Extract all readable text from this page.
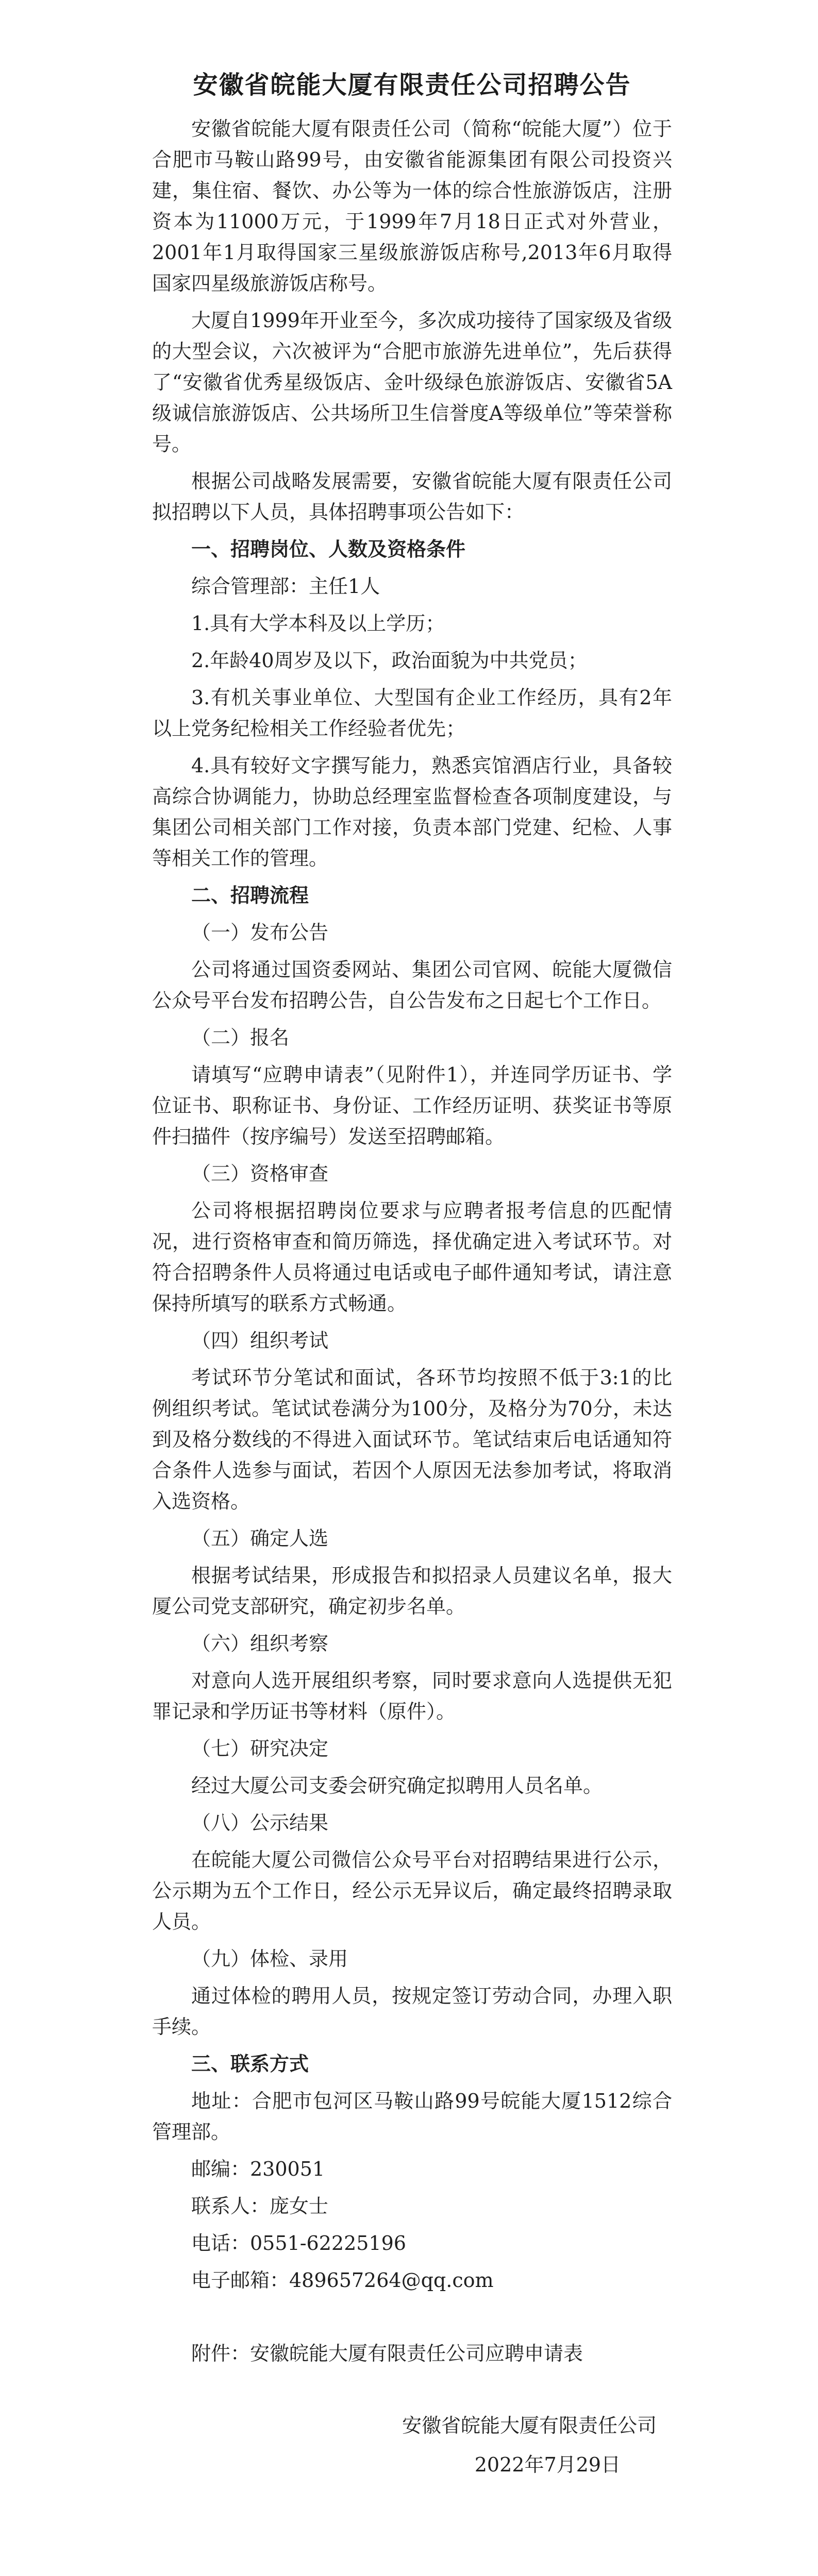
安徽省皖能大厦有限责任公司招聘公告

安徽省皖能大厦有限责任公司（简称“皖能大厦”）位于合肥市马鞍山路99号，由安徽省能源集团有限公司投资兴建，集住宿、餐饮、办公等为一体的综合性旅游饭店，注册资本为11000万元，于1999年7月18日正式对外营业，2001年1月取得国家三星级旅游饭店称号,2013年6月取得国家四星级旅游饭店称号。

大厦自1999年开业至今，多次成功接待了国家级及省级的大型会议，六次被评为“合肥市旅游先进单位”，先后获得了“安徽省优秀星级饭店、金叶级绿色旅游饭店、安徽省5A级诚信旅游饭店、公共场所卫生信誉度A等级单位”等荣誉称号。

根据公司战略发展需要，安徽省皖能大厦有限责任公司拟招聘以下人员，具体招聘事项公告如下：

一、招聘岗位、人数及资格条件

综合管理部：主任1人

1.具有大学本科及以上学历；

2.年龄40周岁及以下，政治面貌为中共党员；

3.有机关事业单位、大型国有企业工作经历，具有2年以上党务纪检相关工作经验者优先；

4.具有较好文字撰写能力，熟悉宾馆酒店行业，具备较高综合协调能力，协助总经理室监督检查各项制度建设，与集团公司相关部门工作对接，负责本部门党建、纪检、人事等相关工作的管理。

二、招聘流程

（一）发布公告

公司将通过国资委网站、集团公司官网、皖能大厦微信公众号平台发布招聘公告，自公告发布之日起七个工作日。

（二）报名

请填写“应聘申请表”（见附件1），并连同学历证书、学位证书、职称证书、身份证、工作经历证明、获奖证书等原件扫描件（按序编号）发送至招聘邮箱。

（三）资格审查

公司将根据招聘岗位要求与应聘者报考信息的匹配情况，进行资格审查和简历筛选，择优确定进入考试环节。对符合招聘条件人员将通过电话或电子邮件通知考试，请注意保持所填写的联系方式畅通。

（四）组织考试

考试环节分笔试和面试，各环节均按照不低于3:1的比例组织考试。笔试试卷满分为100分，及格分为70分，未达到及格分数线的不得进入面试环节。笔试结束后电话通知符合条件人选参与面试，若因个人原因无法参加考试，将取消入选资格。

（五）确定人选

根据考试结果，形成报告和拟招录人员建议名单，报大厦公司党支部研究，确定初步名单。

（六）组织考察

对意向人选开展组织考察，同时要求意向人选提供无犯罪记录和学历证书等材料（原件）。

（七）研究决定

经过大厦公司支委会研究确定拟聘用人员名单。

（八）公示结果

在皖能大厦公司微信公众号平台对招聘结果进行公示，公示期为五个工作日，经公示无异议后，确定最终招聘录取人员。

（九）体检、录用

通过体检的聘用人员，按规定签订劳动合同，办理入职手续。

三、联系方式

地址：合肥市包河区马鞍山路99号皖能大厦1512综合管理部。

邮编：230051

联系人：庞女士

电话：0551-62225196

电子邮箱：489657264@qq.com

附件：安徽皖能大厦有限责任公司应聘申请表

安徽省皖能大厦有限责任公司

2022年7月29日
